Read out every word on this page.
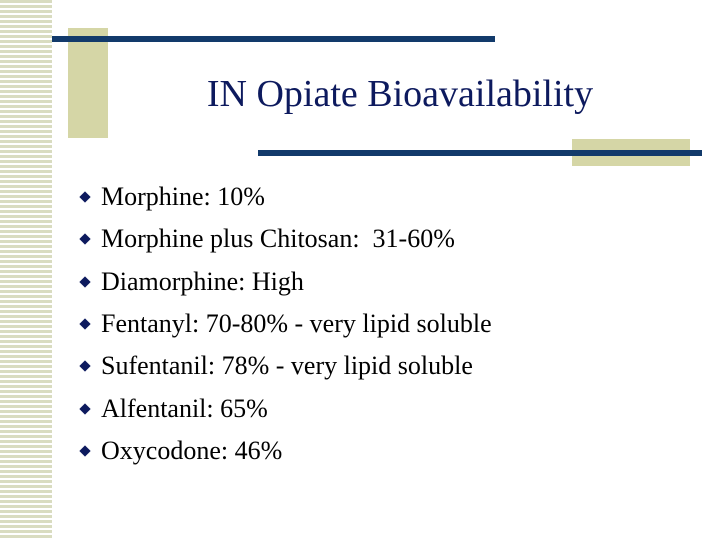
IN Opiate Bioavailability
Morphine: 10%
Morphine plus Chitosan:  31-60%
Diamorphine: High
Fentanyl: 70-80% - very lipid soluble
Sufentanil: 78% - very lipid soluble
Alfentanil: 65%
Oxycodone: 46%
